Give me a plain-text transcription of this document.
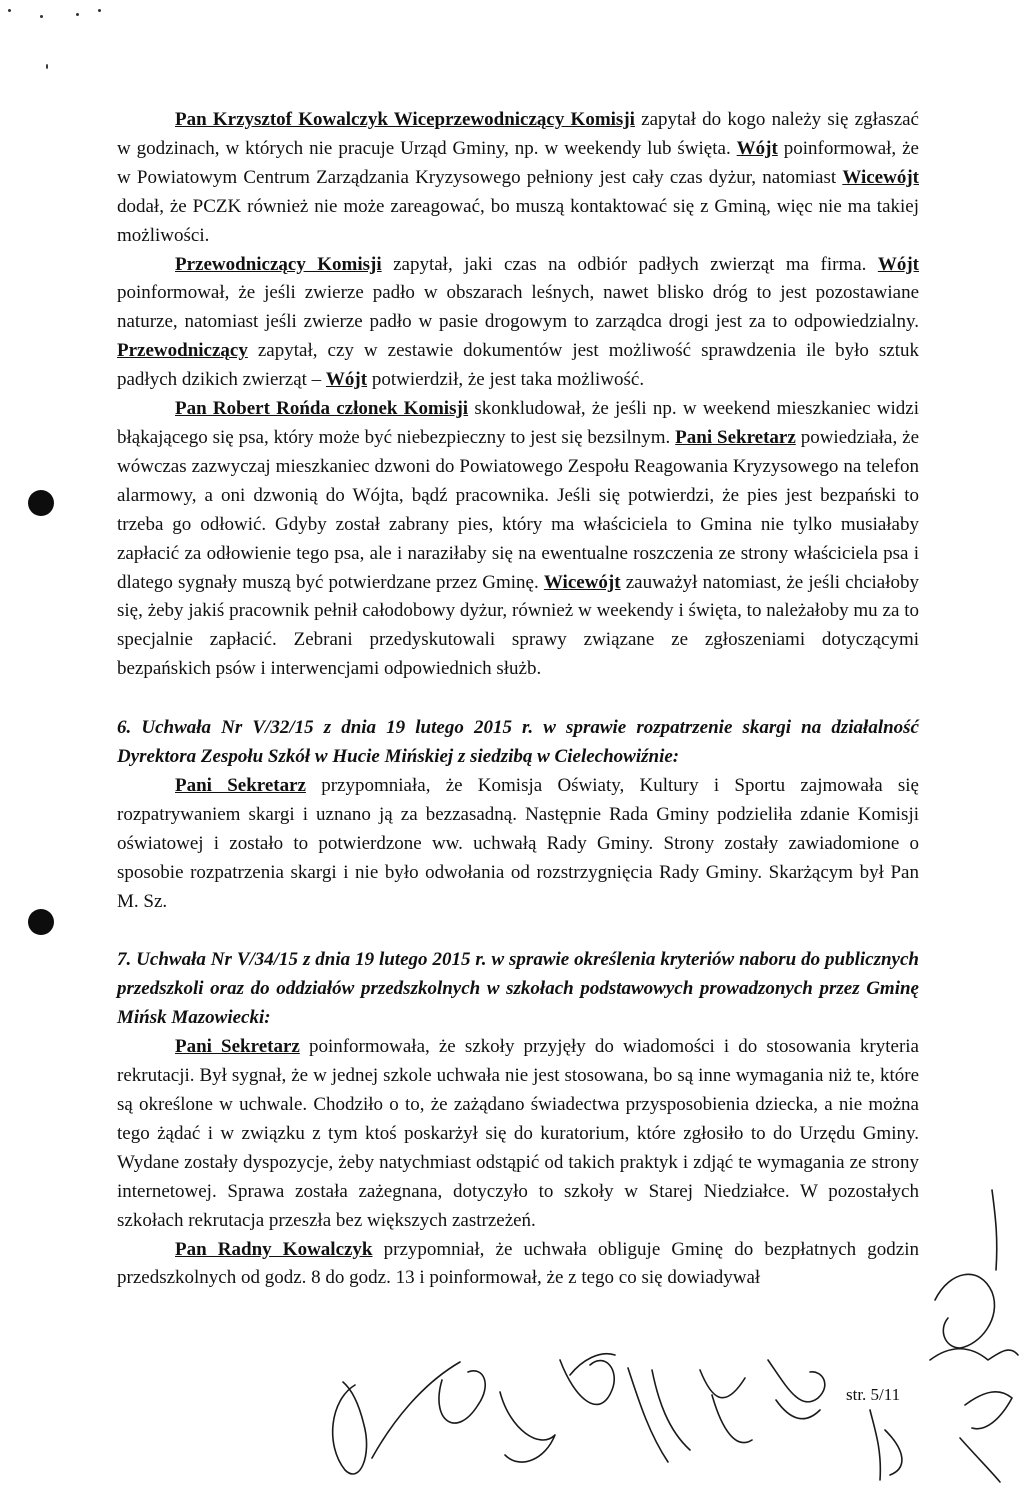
Pan Krzysztof Kowalczyk Wiceprzewodniczący Komisji zapytał do kogo należy się zgłaszać w godzinach, w których nie pracuje Urząd Gminy, np. w weekendy lub święta. Wójt poinformował, że w Powiatowym Centrum Zarządzania Kryzysowego pełniony jest cały czas dyżur, natomiast Wicewójt dodał, że PCZK również nie może zareagować, bo muszą kontaktować się z Gminą, więc nie ma takiej możliwości.

Przewodniczący Komisji zapytał, jaki czas na odbiór padłych zwierząt ma firma. Wójt poinformował, że jeśli zwierze padło w obszarach leśnych, nawet blisko dróg to jest pozostawiane naturze, natomiast jeśli zwierze padło w pasie drogowym to zarządca drogi jest za to odpowiedzialny. Przewodniczący zapytał, czy w zestawie dokumentów jest możliwość sprawdzenia ile było sztuk padłych dzikich zwierząt – Wójt potwierdził, że jest taka możliwość.

Pan Robert Rońda członek Komisji skonkludował, że jeśli np. w weekend mieszkaniec widzi błąkającego się psa, który może być niebezpieczny to jest się bezsilnym. Pani Sekretarz powiedziała, że wówczas zazwyczaj mieszkaniec dzwoni do Powiatowego Zespołu Reagowania Kryzysowego na telefon alarmowy, a oni dzwonią do Wójta, bądź pracownika. Jeśli się potwierdzi, że pies jest bezpański to trzeba go odłowić. Gdyby został zabrany pies, który ma właściciela to Gmina nie tylko musiałaby zapłacić za odłowienie tego psa, ale i naraziłaby się na ewentualne roszczenia ze strony właściciela psa i dlatego sygnały muszą być potwierdzane przez Gminę. Wicewójt zauważył natomiast, że jeśli chciałoby się, żeby jakiś pracownik pełnił całodobowy dyżur, również w weekendy i święta, to należałoby mu za to specjalnie zapłacić. Zebrani przedyskutowali sprawy związane ze zgłoszeniami dotyczącymi bezpańskich psów i interwencjami odpowiednich służb.

6. Uchwała Nr V/32/15 z dnia 19 lutego 2015 r. w sprawie rozpatrzenie skargi na działalność Dyrektora Zespołu Szkół w Hucie Mińskiej z siedzibą w Cielechowiźnie:

Pani Sekretarz przypomniała, że Komisja Oświaty, Kultury i Sportu zajmowała się rozpatrywaniem skargi i uznano ją za bezzasadną. Następnie Rada Gminy podzieliła zdanie Komisji oświatowej i zostało to potwierdzone ww. uchwałą Rady Gminy. Strony zostały zawiadomione o sposobie rozpatrzenia skargi i nie było odwołania od rozstrzygnięcia Rady Gminy. Skarżącym był Pan M. Sz.

7. Uchwała Nr V/34/15 z dnia 19 lutego 2015 r. w sprawie określenia kryteriów naboru do publicznych przedszkoli oraz do oddziałów przedszkolnych w szkołach podstawowych prowadzonych przez Gminę Mińsk Mazowiecki:

Pani Sekretarz poinformowała, że szkoły przyjęły do wiadomości i do stosowania kryteria rekrutacji. Był sygnał, że w jednej szkole uchwała nie jest stosowana, bo są inne wymagania niż te, które są określone w uchwale. Chodziło o to, że zażądano świadectwa przysposobienia dziecka, a nie można tego żądać i w związku z tym ktoś poskarżył się do kuratorium, które zgłosiło to do Urzędu Gminy. Wydane zostały dyspozycje, żeby natychmiast odstąpić od takich praktyk i zdjąć te wymagania ze strony internetowej. Sprawa została zażegnana, dotyczyło to szkoły w Starej Niedziałce. W pozostałych szkołach rekrutacja przeszła bez większych zastrzeżeń.

Pan Radny Kowalczyk przypomniał, że uchwała obliguje Gminę do bezpłatnych godzin przedszkolnych od godz. 8 do godz. 13 i poinformował, że z tego co się dowiadywał

str. 5/11
